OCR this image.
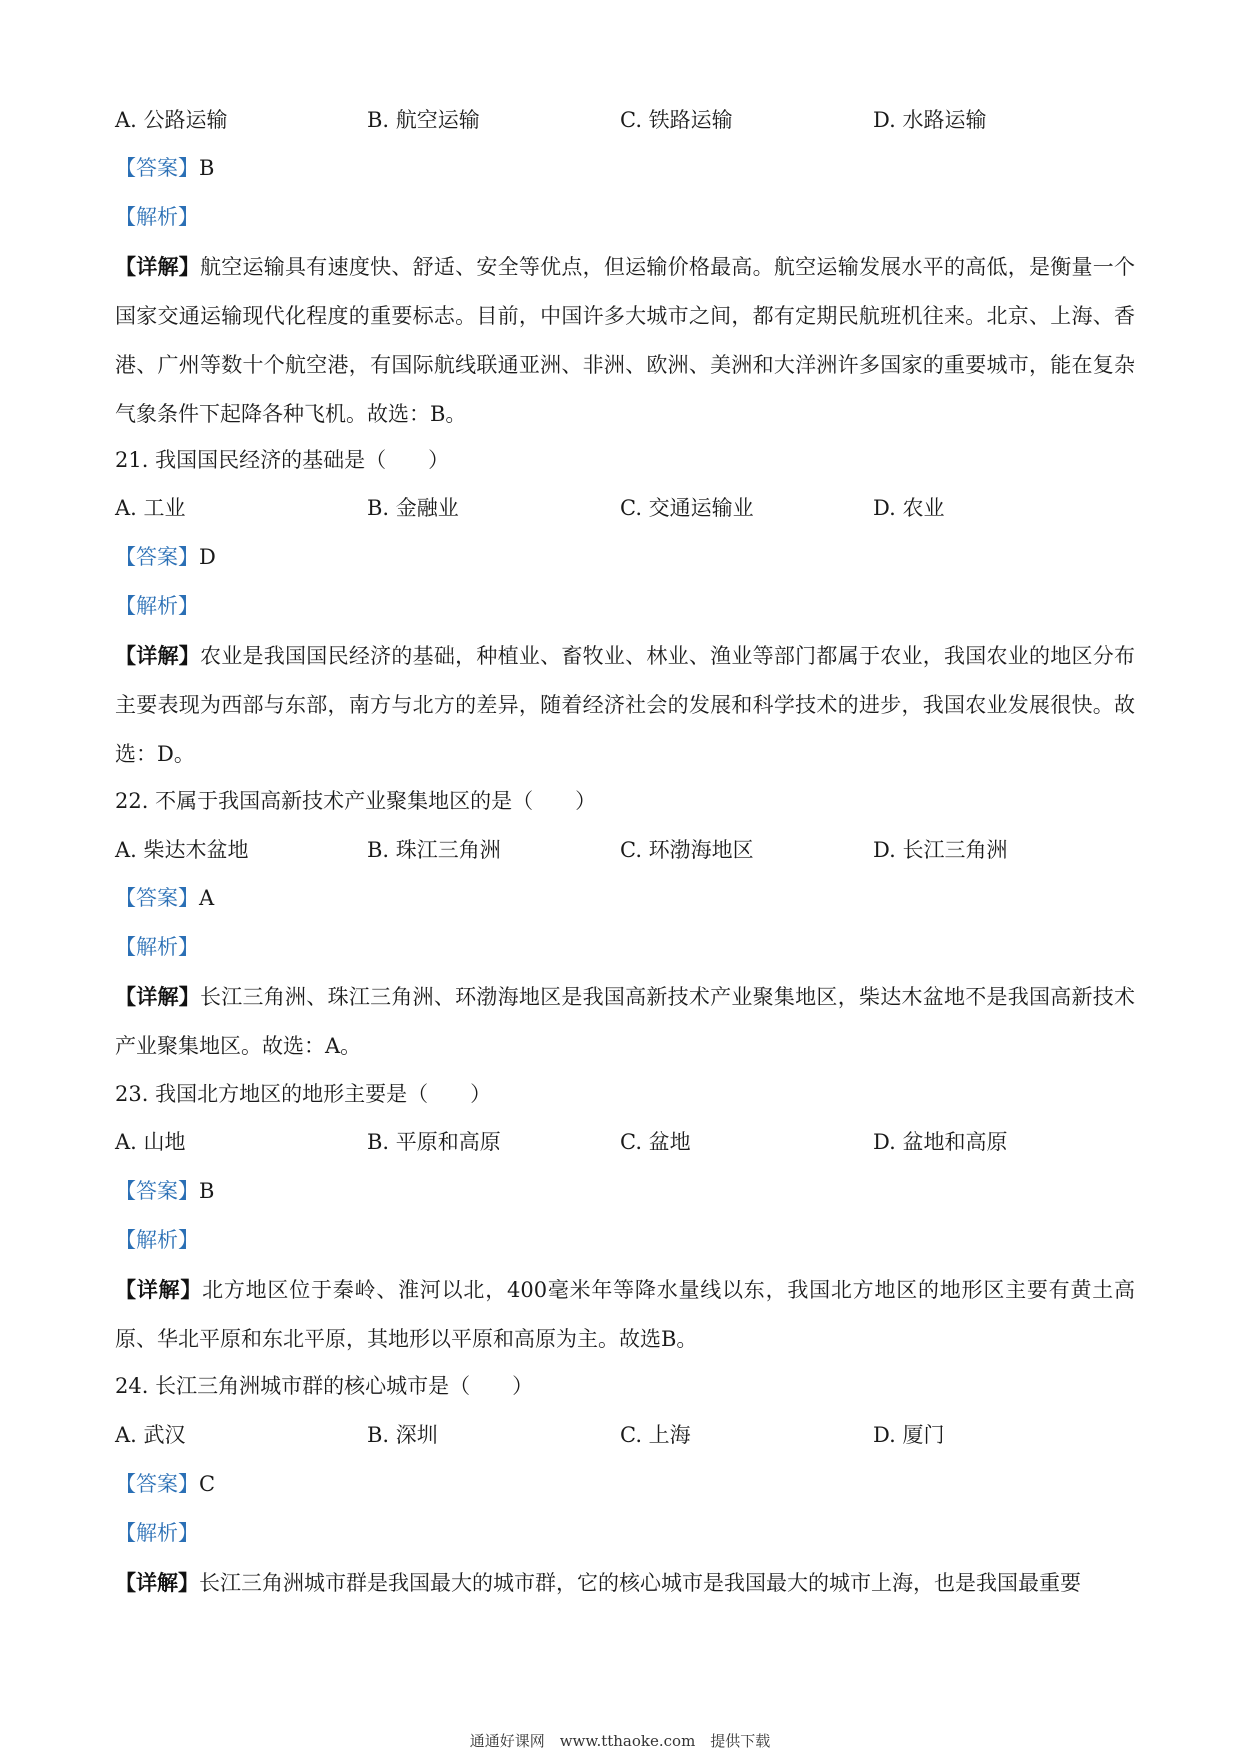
A. 公路运输	B. 航空运输	C. 铁路运输	D. 水路运输
【答案】B
【解析】
【详解】航空运输具有速度快、舒适、安全等优点，但运输价格最高。航空运输发展水平的高低，是衡量一个国家交通运输现代化程度的重要标志。目前，中国许多大城市之间，都有定期民航班机往来。北京、上海、香港、广州等数十个航空港，有国际航线联通亚洲、非洲、欧洲、美洲和大洋洲许多国家的重要城市，能在复杂气象条件下起降各种飞机。故选：B。
21. 我国国民经济的基础是（　　）
A. 工业	B. 金融业	C. 交通运输业	D. 农业
【答案】D
【解析】
【详解】农业是我国国民经济的基础，种植业、畜牧业、林业、渔业等部门都属于农业，我国农业的地区分布主要表现为西部与东部，南方与北方的差异，随着经济社会的发展和科学技术的进步，我国农业发展很快。故选：D。
22. 不属于我国高新技术产业聚集地区的是（　　）
A. 柴达木盆地	B. 珠江三角洲	C. 环渤海地区	D. 长江三角洲
【答案】A
【解析】
【详解】长江三角洲、珠江三角洲、环渤海地区是我国高新技术产业聚集地区，柴达木盆地不是我国高新技术产业聚集地区。故选：A。
23. 我国北方地区的地形主要是（　　）
A. 山地	B. 平原和高原	C. 盆地	D. 盆地和高原
【答案】B
【解析】
【详解】北方地区位于秦岭、淮河以北，400毫米年等降水量线以东，我国北方地区的地形区主要有黄土高原、华北平原和东北平原，其地形以平原和高原为主。故选B。
24. 长江三角洲城市群的核心城市是（　　）
A. 武汉	B. 深圳	C. 上海	D. 厦门
【答案】C
【解析】
【详解】长江三角洲城市群是我国最大的城市群，它的核心城市是我国最大的城市上海，也是我国最重要
通通好课网　www.tthaoke.com　提供下载
